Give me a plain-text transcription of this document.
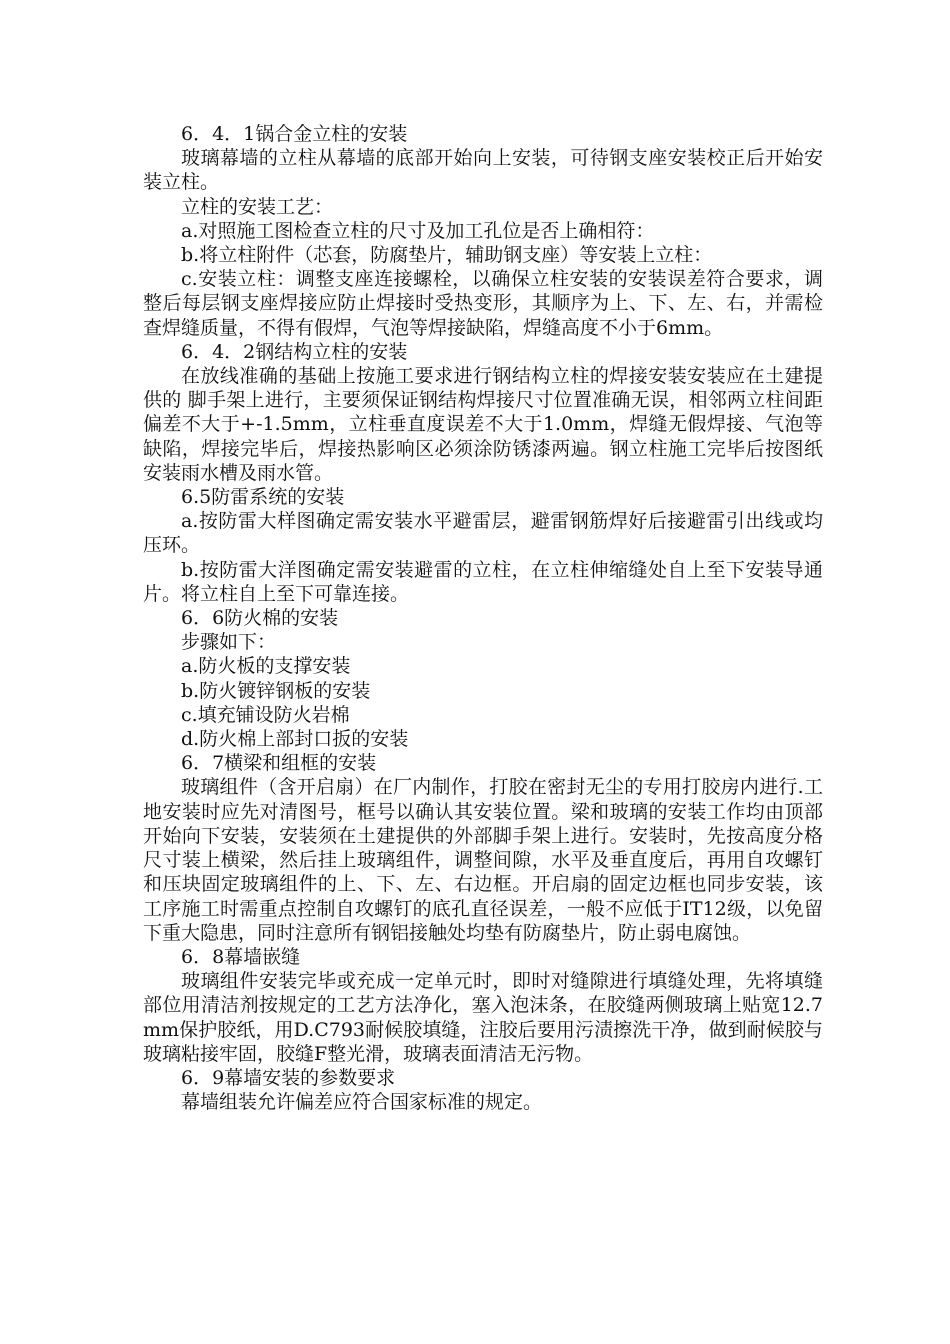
6．4．1锅合金立柱的安装

玻璃幕墙的立柱从幕墙的底部开始向上安装，可待钢支座安装校正后开始安装立柱。

立柱的安装工艺：

a.对照施工图检查立柱的尺寸及加工孔位是否上确相符：

b.将立柱附件（芯套，防腐垫片，辅助钢支座）等安装上立柱：

c.安装立柱：调整支座连接螺栓，以确保立柱安装的安装误差符合要求，调整后每层钢支座焊接应防止焊接时受热变形，其顺序为上、下、左、右，并需检查焊缝质量，不得有假焊，气泡等焊接缺陷，焊缝高度不小于6mm。

6．4．2钢结构立柱的安装

在放线准确的基础上按施工要求进行钢结构立柱的焊接安装安装应在土建提供的 脚手架上进行，主要须保证钢结构焊接尺寸位置准确无误，相邻两立柱间距偏差不大于+-1.5mm，立柱垂直度误差不大于1.0mm，焊缝无假焊接、气泡等缺陷，焊接完毕后，焊接热影响区必须涂防锈漆两遍。钢立柱施工完毕后按图纸安装雨水槽及雨水管。

6.5防雷系统的安装

a.按防雷大样图确定需安装水平避雷层，避雷钢筋焊好后接避雷引出线或均压环。

b.按防雷大洋图确定需安装避雷的立柱，在立柱伸缩缝处自上至下安装导通片。将立柱自上至下可靠连接。

6．6防火棉的安装

步骤如下：

a.防火板的支撑安装

b.防火镀锌钢板的安装

c.填充铺设防火岩棉

d.防火棉上部封口扳的安装

6．7横梁和组框的安装

玻璃组件（含开启扇）在厂内制作，打胶在密封无尘的专用打胶房内进行.工地安装时应先对清图号，框号以确认其安装位置。梁和玻璃的安装工作均由顶部开始向下安装，安装须在土建提供的外部脚手架上进行。安装时，先按高度分格尺寸装上横梁，然后挂上玻璃组件，调整间隙，水平及垂直度后，再用自攻螺钉和压块固定玻璃组件的上、下、左、右边框。开启扇的固定边框也同步安装，该工序施工时需重点控制自攻螺钉的底孔直径误差，一般不应低于IT12级，以免留下重大隐患，同时注意所有钢铝接触处均垫有防腐垫片，防止弱电腐蚀。

6．8幕墙嵌缝

玻璃组件安装完毕或充成一定单元时，即时对缝隙进行填缝处理，先将填缝部位用清洁剂按规定的工艺方法净化，塞入泡沫条，在胶缝两侧玻璃上贴宽12.7mm保护胶纸，用D.C793耐候胶填缝，注胶后要用污渍擦洗干净，做到耐候胶与玻璃粘接牢固，胶缝F整光滑，玻璃表面清洁无污物。

6．9幕墙安装的参数要求

幕墙组装允许偏差应符合国家标准的规定。
